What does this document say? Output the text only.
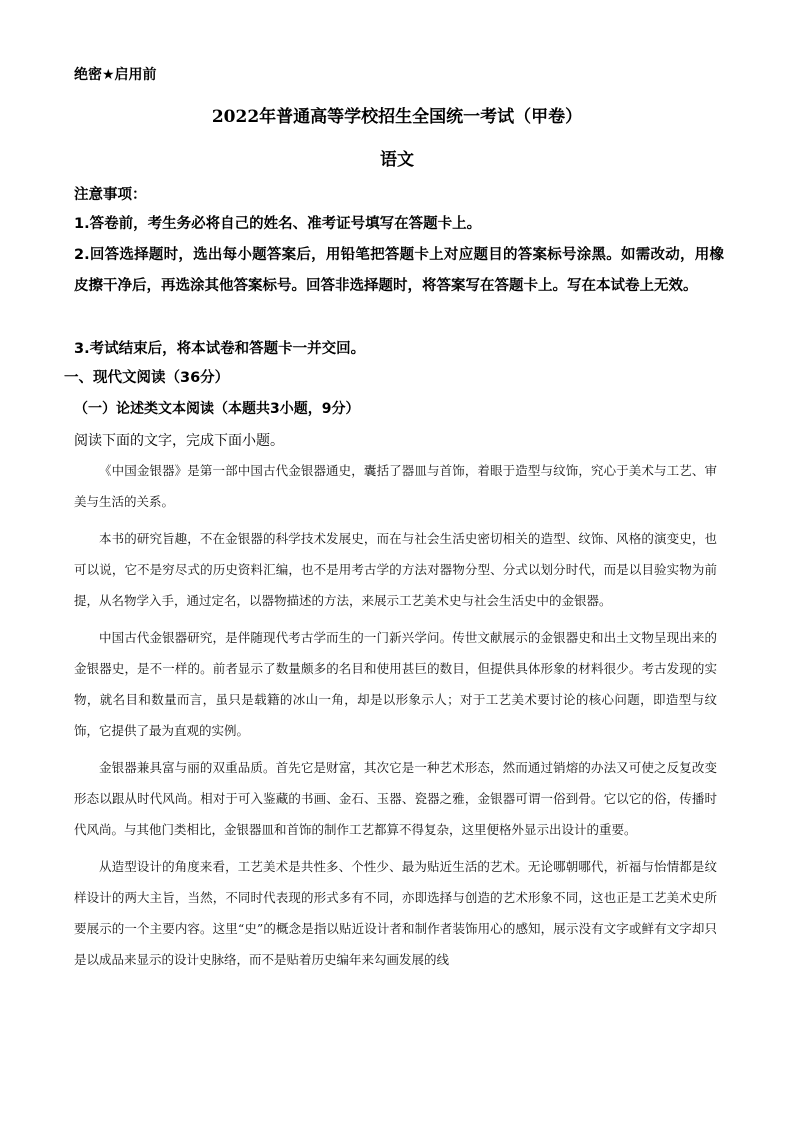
绝密★启用前
2022年普通高等学校招生全国统一考试（甲卷）
语文
注意事项：
1.答卷前，考生务必将自己的姓名、准考证号填写在答题卡上。
2.回答选择题时，选出每小题答案后，用铅笔把答题卡上对应题目的答案标号涂黑。如需改动，用橡皮擦干净后，再选涂其他答案标号。回答非选择题时，将答案写在答题卡上。写在本试卷上无效。
3.考试结束后，将本试卷和答题卡一并交回。
一、现代文阅读（36分）
（一）论述类文本阅读（本题共3小题，9分）
阅读下面的文字，完成下面小题。

《中国金银器》是第一部中国古代金银器通史，囊括了器皿与首饰，着眼于造型与纹饰，究心于美术与工艺、审美与生活的关系。

本书的研究旨趣，不在金银器的科学技术发展史，而在与社会生活史密切相关的造型、纹饰、风格的演变史，也可以说，它不是穷尽式的历史资料汇编，也不是用考古学的方法对器物分型、分式以划分时代，而是以目验实物为前提，从名物学入手，通过定名，以器物描述的方法，来展示工艺美术史与社会生活史中的金银器。

中国古代金银器研究，是伴随现代考古学而生的一门新兴学问。传世文献展示的金银器史和出土文物呈现出来的金银器史，是不一样的。前者显示了数量颇多的名目和使用甚巨的数目，但提供具体形象的材料很少。考古发现的实物，就名目和数量而言，虽只是载籍的冰山一角，却是以形象示人；对于工艺美术要讨论的核心问题，即造型与纹饰，它提供了最为直观的实例。

金银器兼具富与丽的双重品质。首先它是财富，其次它是一种艺术形态，然而通过销熔的办法又可使之反复改变形态以跟从时代风尚。相对于可入鉴藏的书画、金石、玉器、瓷器之雅，金银器可谓一俗到骨。它以它的俗，传播时代风尚。与其他门类相比，金银器皿和首饰的制作工艺都算不得复杂，这里便格外显示出设计的重要。

从造型设计的角度来看，工艺美术是共性多、个性少、最为贴近生活的艺术。无论哪朝哪代，祈福与怡情都是纹样设计的两大主旨，当然，不同时代表现的形式多有不同，亦即选择与创造的艺术形象不同，这也正是工艺美术史所要展示的一个主要内容。这里“史”的概念是指以贴近设计者和制作者装饰用心的感知，展示没有文字或鲜有文字却只是以成品来显示的设计史脉络，而不是贴着历史编年来勾画发展的线
